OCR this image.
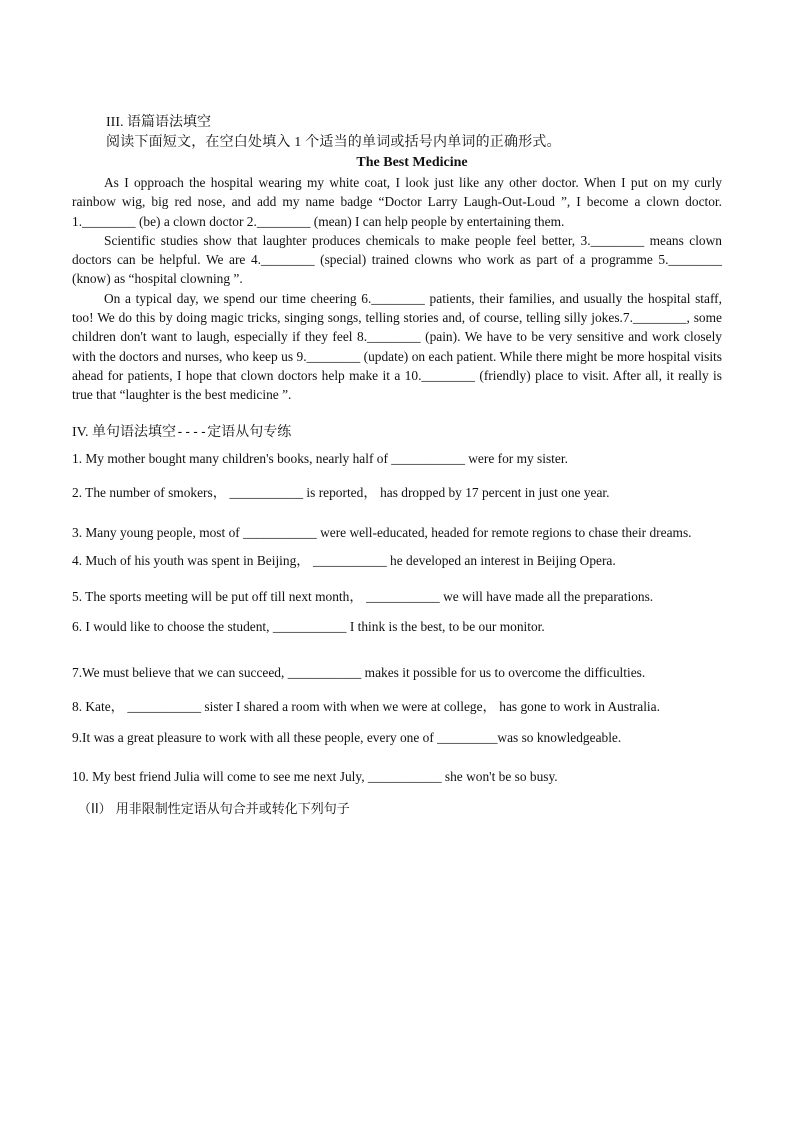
III. 语篇语法填空

阅读下面短文，在空白处填入 1 个适当的单词或括号内单词的正确形式。

The Best Medicine

As I opproach the hospital wearing my white coat, I look just like any other doctor. When I put on my curly rainbow wig, big red nose, and add my name badge “Doctor Larry Laugh-Out-Loud ”, I become a clown doctor. 1.________ (be) a clown doctor 2.________ (mean) I can help people by entertaining them.

Scientific studies show that laughter produces chemicals to make people feel better, 3.________ means clown doctors can be helpful. We are 4.________ (special) trained clowns who work as part of a programme 5.________ (know) as “hospital clowning ”.

On a typical day, we spend our time cheering 6.________ patients, their families, and usually the hospital staff, too! We do this by doing magic tricks, singing songs, telling stories and, of course, telling silly jokes.7.________, some children don't want to laugh, especially if they feel 8.________ (pain). We have to be very sensitive and work closely with the doctors and nurses, who keep us 9.________ (update) on each patient. While there might be more hospital visits ahead for patients, I hope that clown doctors help make it a 10.________ (friendly) place to visit. After all, it really is true that “laughter is the best medicine ”.

IV. 单句语法填空----定语从句专练

1. My mother bought many children's books, nearly half of ___________ were for my sister.

2. The number of smokers， ___________ is reported， has dropped by 17 percent in just one year.

3. Many young people, most of ___________ were well-educated, headed for remote regions to chase their dreams.

4. Much of his youth was spent in Beijing， ___________ he developed an interest in Beijing Opera.

5. The sports meeting will be put off till next month， ___________ we will have made all the preparations.

6. I would like to choose the student, ___________ I think is the best, to be our monitor.

7.We must believe that we can succeed, ___________ makes it possible for us to overcome the difficulties.

8. Kate， ___________ sister I shared a room with when we were at college， has gone to work in Australia.

9.It was a great pleasure to work with all these people, every one of _________was so knowledgeable.

10. My best friend Julia will come to see me next July, ___________ she won't be so busy.

（II） 用非限制性定语从句合并或转化下列句子
